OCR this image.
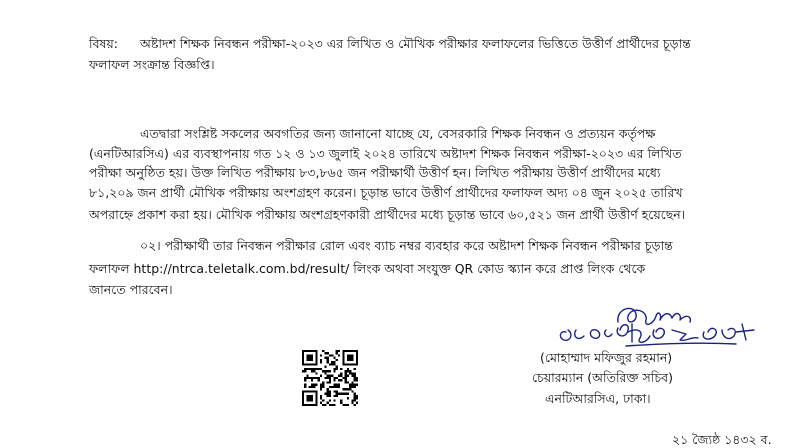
বিষয়: অষ্টাদশ শিক্ষক নিবন্ধন পরীক্ষা-২০২৩ এর লিখিত ও মৌখিক পরীক্ষার ফলাফলের ভিত্তিতে উত্তীর্ণ প্রার্থীদের চূড়ান্ত
ফলাফল সংক্রান্ত বিজ্ঞপ্তি।
এতদ্বারা সংশ্লিষ্ট সকলের অবগতির জন্য জানানো যাচ্ছে যে, বেসরকারি শিক্ষক নিবন্ধন ও প্রত্যয়ন কর্তৃপক্ষ
(এনটিআরসিএ) এর ব্যবস্থাপনায় গত ১২ ও ১৩ জুলাই ২০২৪ তারিখে অষ্টাদশ শিক্ষক নিবন্ধন পরীক্ষা-২০২৩ এর লিখিত
পরীক্ষা অনুষ্ঠিত হয়। উক্ত লিখিত পরীক্ষায় ৮৩,৮৬৫ জন পরীক্ষার্থী উত্তীর্ণ হন। লিখিত পরীক্ষায় উত্তীর্ণ প্রার্থীদের মধ্যে
৮১,২০৯ জন প্রার্থী মৌখিক পরীক্ষায় অংশগ্রহণ করেন। চূড়ান্ত ভাবে উত্তীর্ণ প্রার্থীদের ফলাফল অদ্য ০৪ জুন ২০২৫ তারিখ
অপরাহ্নে প্রকাশ করা হয়। মৌখিক পরীক্ষায় অংশগ্রহণকারী প্রার্থীদের মধ্যে চূড়ান্ত ভাবে ৬০,৫২১ জন প্রার্থী উত্তীর্ণ হয়েছেন।
০২। পরীক্ষার্থী তার নিবন্ধন পরীক্ষার রোল এবং ব্যাচ নম্বর ব্যবহার করে অষ্টাদশ শিক্ষক নিবন্ধন পরীক্ষার চূড়ান্ত
ফলাফল http://ntrca.teletalk.com.bd/result/ লিংক অথবা সংযুক্ত QR কোড স্ক্যান করে প্রাপ্ত লিংক থেকে
জানতে পারবেন।
(মোহাম্মাদ মফিজুর রহমান)
চেয়ারম্যান (অতিরিক্ত সচিব)
এনটিআরসিএ, ঢাকা।
২১ জ্যৈষ্ঠ ১৪৩২ ব.
